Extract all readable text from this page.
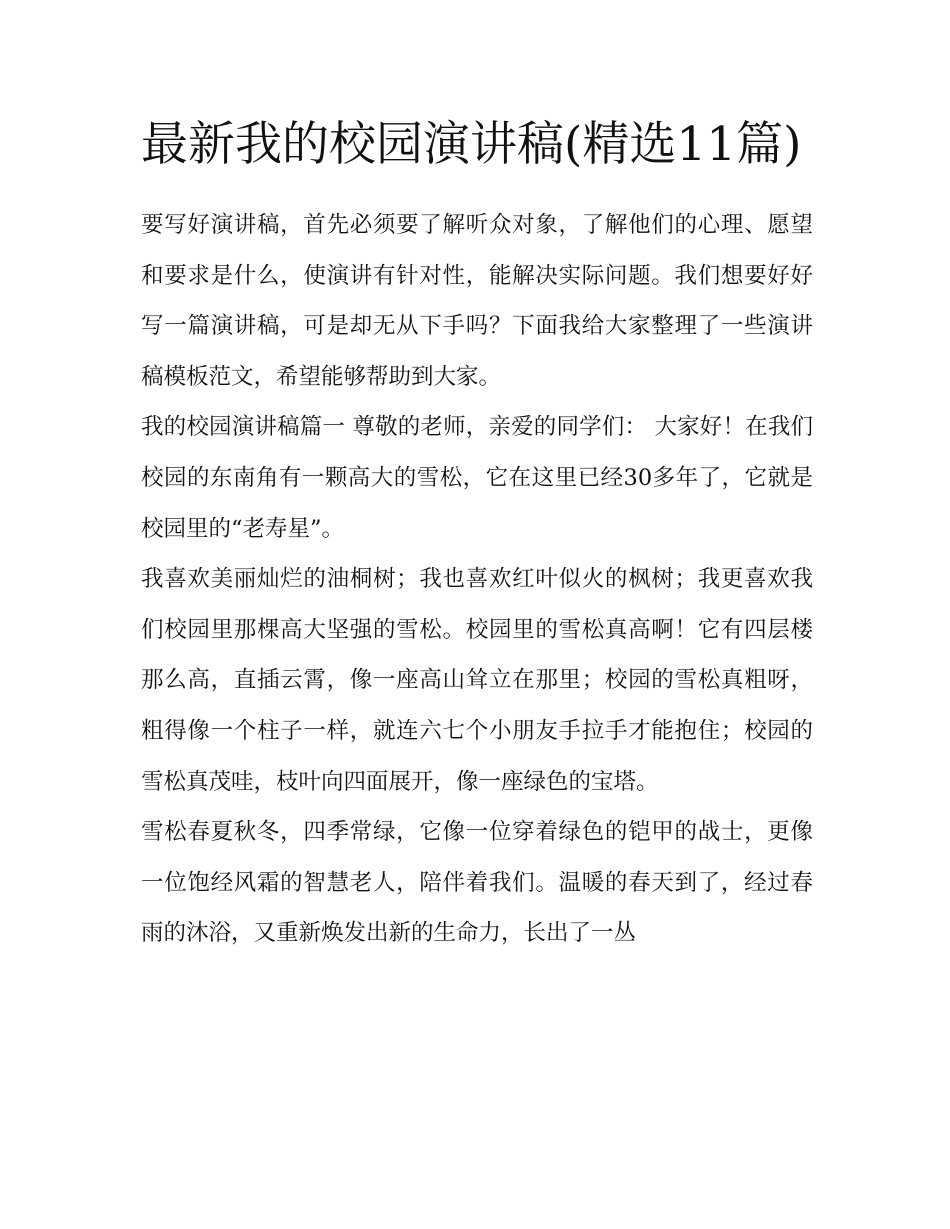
最新我的校园演讲稿(精选11篇)

要写好演讲稿，首先必须要了解听众对象，了解他们的心理、愿望和要求是什么，使演讲有针对性，能解决实际问题。我们想要好好写一篇演讲稿，可是却无从下手吗？下面我给大家整理了一些演讲稿模板范文，希望能够帮助到大家。

我的校园演讲稿篇一 尊敬的老师，亲爱的同学们： 大家好！在我们校园的东南角有一颗高大的雪松，它在这里已经30多年了，它就是校园里的“老寿星”。

我喜欢美丽灿烂的油桐树；我也喜欢红叶似火的枫树；我更喜欢我们校园里那棵高大坚强的雪松。校园里的雪松真高啊！它有四层楼那么高，直插云霄，像一座高山耸立在那里；校园的雪松真粗呀，粗得像一个柱子一样，就连六七个小朋友手拉手才能抱住；校园的雪松真茂哇，枝叶向四面展开，像一座绿色的宝塔。

雪松春夏秋冬，四季常绿，它像一位穿着绿色的铠甲的战士，更像一位饱经风霜的智慧老人，陪伴着我们。温暖的春天到了，经过春雨的沐浴，又重新焕发出新的生命力，长出了一丛
